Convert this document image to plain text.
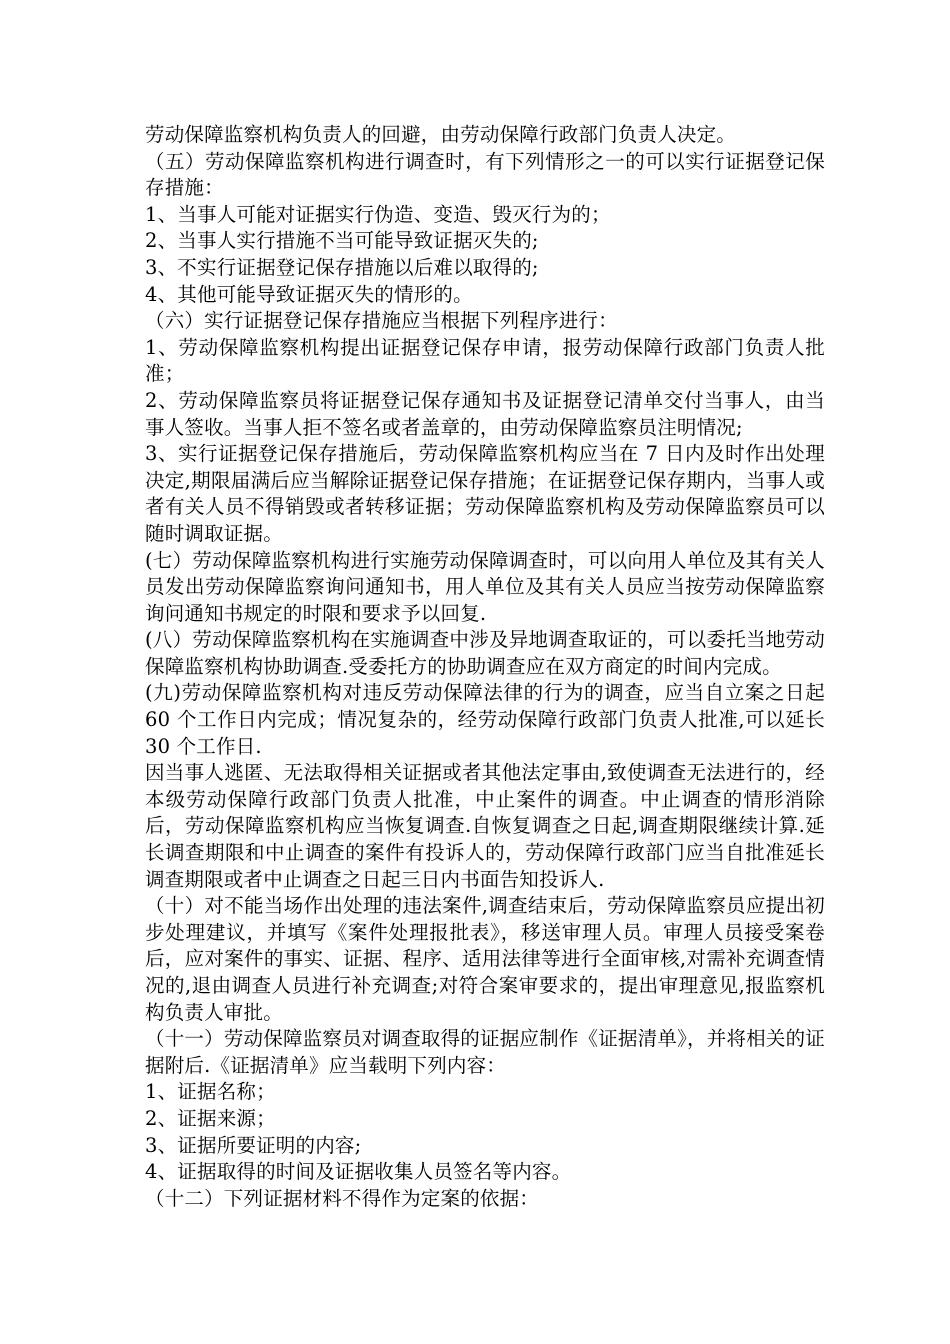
劳动保障监察机构负责人的回避，由劳动保障行政部门负责人决定。

（五）劳动保障监察机构进行调查时，有下列情形之一的可以实行证据登记保存措施：

1、当事人可能对证据实行伪造、变造、毁灭行为的；

2、当事人实行措施不当可能导致证据灭失的;

3、不实行证据登记保存措施以后难以取得的;

4、其他可能导致证据灭失的情形的。

（六）实行证据登记保存措施应当根据下列程序进行：

1、劳动保障监察机构提出证据登记保存申请，报劳动保障行政部门负责人批准；

2、劳动保障监察员将证据登记保存通知书及证据登记清单交付当事人，由当事人签收。当事人拒不签名或者盖章的，由劳动保障监察员注明情况;

3、实行证据登记保存措施后，劳动保障监察机构应当在 7 日内及时作出处理决定,期限届满后应当解除证据登记保存措施；在证据登记保存期内，当事人或者有关人员不得销毁或者转移证据；劳动保障监察机构及劳动保障监察员可以随时调取证据。

(七）劳动保障监察机构进行实施劳动保障调查时，可以向用人单位及其有关人员发出劳动保障监察询问通知书，用人单位及其有关人员应当按劳动保障监察询问通知书规定的时限和要求予以回复.

(八）劳动保障监察机构在实施调查中涉及异地调查取证的，可以委托当地劳动保障监察机构协助调查.受委托方的协助调查应在双方商定的时间内完成。

(九)劳动保障监察机构对违反劳动保障法律的行为的调查，应当自立案之日起 60 个工作日内完成；情况复杂的，经劳动保障行政部门负责人批准,可以延长 30 个工作日.

因当事人逃匿、无法取得相关证据或者其他法定事由,致使调查无法进行的，经本级劳动保障行政部门负责人批准，中止案件的调查。中止调查的情形消除后，劳动保障监察机构应当恢复调查.自恢复调查之日起,调查期限继续计算.延长调查期限和中止调查的案件有投诉人的，劳动保障行政部门应当自批准延长调查期限或者中止调查之日起三日内书面告知投诉人.

（十）对不能当场作出处理的违法案件,调查结束后，劳动保障监察员应提出初步处理建议，并填写《案件处理报批表》，移送审理人员。审理人员接受案卷后，应对案件的事实、证据、程序、适用法律等进行全面审核,对需补充调查情况的,退由调查人员进行补充调查;对符合案审要求的，提出审理意见,报监察机构负责人审批。

（十一）劳动保障监察员对调查取得的证据应制作《证据清单》，并将相关的证据附后.《证据清单》应当载明下列内容：

1、证据名称；

2、证据来源；

3、证据所要证明的内容;

4、证据取得的时间及证据收集人员签名等内容。

（十二）下列证据材料不得作为定案的依据：
